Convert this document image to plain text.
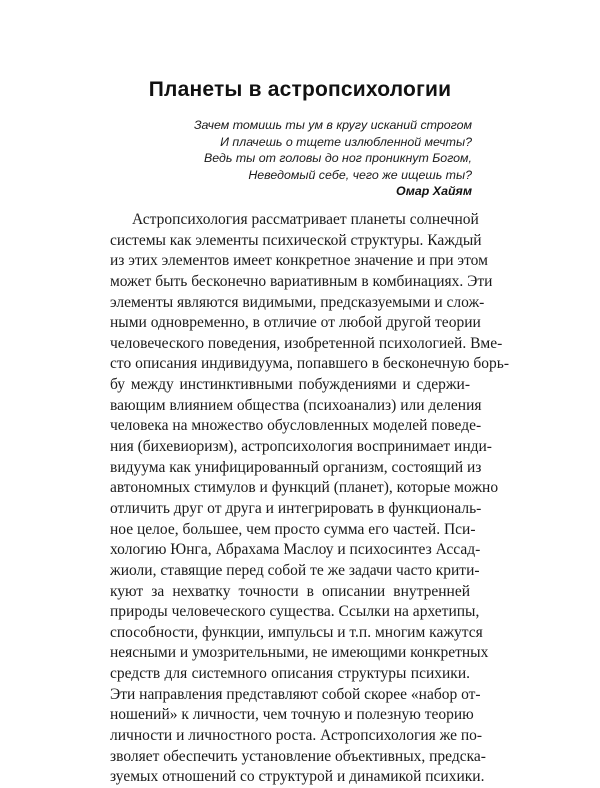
Планеты в астропсихологии
Зачем томишь ты ум в кругу исканий строгом
И плачешь о тщете излюбленной мечты?
Ведь ты от головы до ног проникнут Богом,
Неведомый себе, чего же ищешь ты?
Омар Хайям
Астропсихология рассматривает планеты солнечной
системы как элементы психической структуры. Каждый
из этих элементов имеет конкретное значение и при этом
может быть бесконечно вариативным в комбинациях. Эти
элементы являются видимыми, предсказуемыми и слож-
ными одновременно, в отличие от любой другой теории
человеческого поведения, изобретенной психологией. Вме-
сто описания индивидуума, попавшего в бесконечную борь-
бу между инстинктивными побуждениями и сдержи-
вающим влиянием общества (психоанализ) или деления
человека на множество обусловленных моделей поведе-
ния (бихевиоризм), астропсихология воспринимает инди-
видуума как унифицированный организм, состоящий из
автономных стимулов и функций (планет), которые можно
отличить друг от друга и интегрировать в функциональ-
ное целое, большее, чем просто сумма его частей. Пси-
хологию Юнга, Абрахама Маслоу и психосинтез Ассад-
жиоли, ставящие перед собой те же задачи часто крити-
куют за нехватку точности в описании внутренней
природы человеческого существа. Ссылки на архетипы,
способности, функции, импульсы и т.п. многим кажутся
неясными и умозрительными, не имеющими конкретных
средств для системного описания структуры психики.
Эти направления представляют собой скорее «набор от-
ношений» к личности, чем точную и полезную теорию
личности и личностного роста. Астропсихология же по-
зволяет обеспечить установление объективных, предска-
зуемых отношений со структурой и динамикой психики.
